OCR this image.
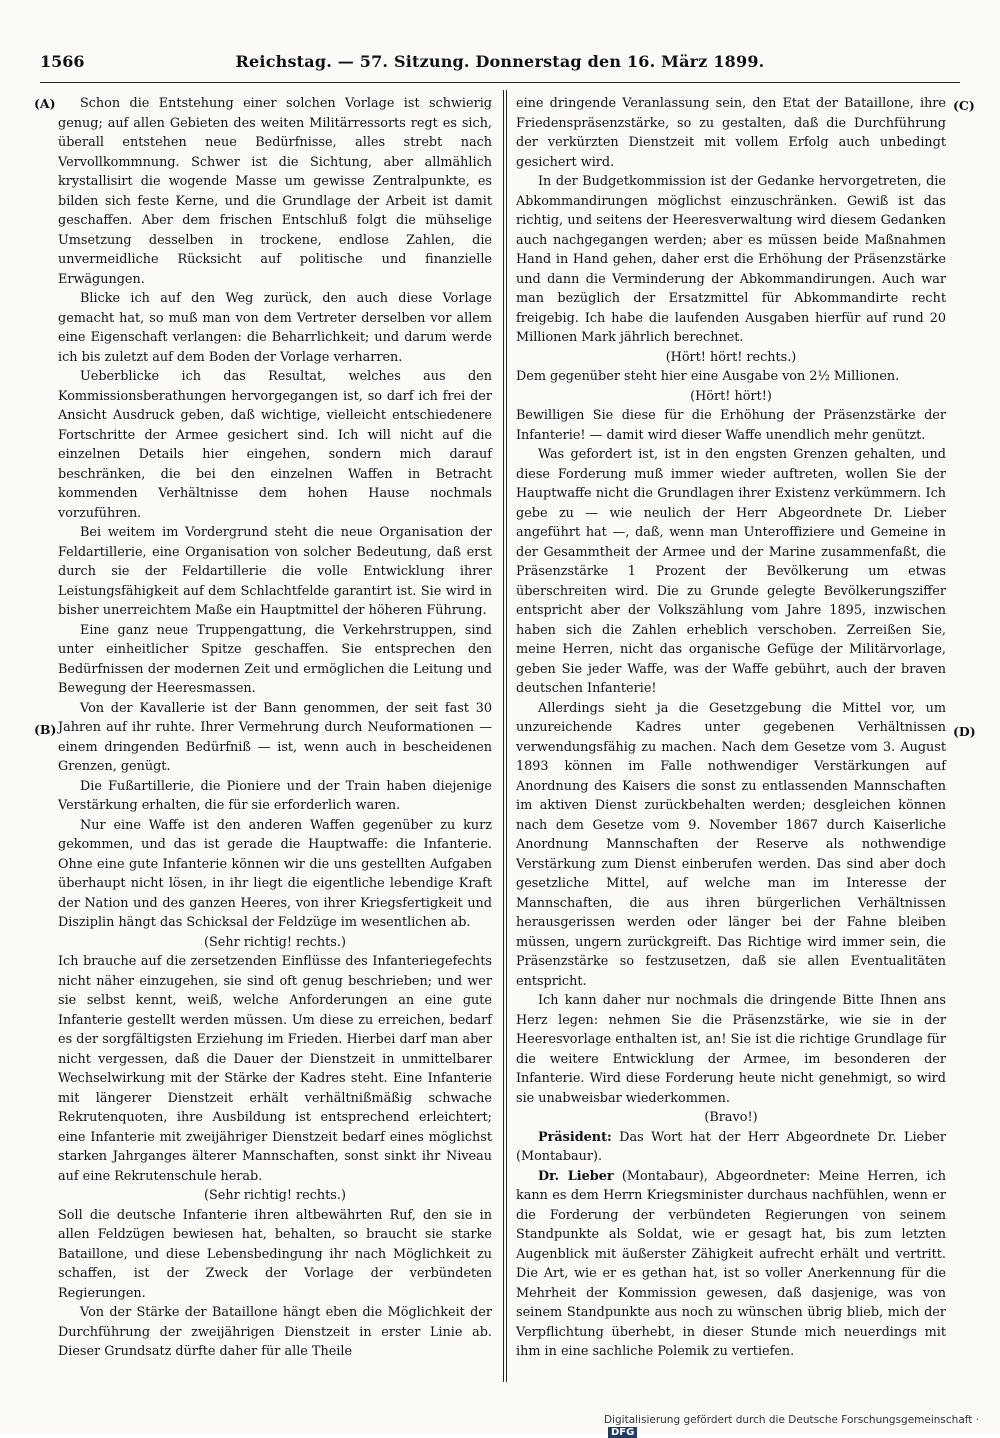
1566	Reichstag. — 57. Sitzung. Donnerstag den 16. März 1899.
(A)
(B)
(C)
(D)

Schon die Entstehung einer solchen Vorlage ist schwierig genug; auf allen Gebieten des weiten Militärressorts regt es sich, überall entstehen neue Bedürfnisse, alles strebt nach Vervollkommnung. Schwer ist die Sichtung, aber allmählich krystallisirt die wogende Masse um gewisse Zentralpunkte, es bilden sich feste Kerne, und die Grundlage der Arbeit ist damit geschaffen. Aber dem frischen Entschluß folgt die mühselige Umsetzung desselben in trockene, endlose Zahlen, die unvermeidliche Rücksicht auf politische und finanzielle Erwägungen.

Blicke ich auf den Weg zurück, den auch diese Vorlage gemacht hat, so muß man von dem Vertreter derselben vor allem eine Eigenschaft verlangen: die Beharrlichkeit; und darum werde ich bis zuletzt auf dem Boden der Vorlage verharren.

Ueberblicke ich das Resultat, welches aus den Kommissionsberathungen hervorgegangen ist, so darf ich frei der Ansicht Ausdruck geben, daß wichtige, vielleicht entschiedenere Fortschritte der Armee gesichert sind. Ich will nicht auf die einzelnen Details hier eingehen, sondern mich darauf beschränken, die bei den einzelnen Waffen in Betracht kommenden Verhältnisse dem hohen Hause nochmals vorzuführen.

Bei weitem im Vordergrund steht die neue Organisation der Feldartillerie, eine Organisation von solcher Bedeutung, daß erst durch sie der Feldartillerie die volle Entwicklung ihrer Leistungsfähigkeit auf dem Schlachtfelde garantirt ist. Sie wird in bisher unerreichtem Maße ein Hauptmittel der höheren Führung.

Eine ganz neue Truppengattung, die Verkehrstruppen, sind unter einheitlicher Spitze geschaffen. Sie entsprechen den Bedürfnissen der modernen Zeit und ermöglichen die Leitung und Bewegung der Heeresmassen.

Von der Kavallerie ist der Bann genommen, der seit fast 30 Jahren auf ihr ruhte. Ihrer Vermehrung durch Neuformationen — einem dringenden Bedürfniß — ist, wenn auch in bescheidenen Grenzen, genügt.

Die Fußartillerie, die Pioniere und der Train haben diejenige Verstärkung erhalten, die für sie erforderlich waren.

Nur eine Waffe ist den anderen Waffen gegenüber zu kurz gekommen, und das ist gerade die Hauptwaffe: die Infanterie. Ohne eine gute Infanterie können wir die uns gestellten Aufgaben überhaupt nicht lösen, in ihr liegt die eigentliche lebendige Kraft der Nation und des ganzen Heeres, von ihrer Kriegsfertigkeit und Disziplin hängt das Schicksal der Feldzüge im wesentlichen ab.

(Sehr richtig! rechts.)

Ich brauche auf die zersetzenden Einflüsse des Infanteriegefechts nicht näher einzugehen, sie sind oft genug beschrieben; und wer sie selbst kennt, weiß, welche Anforderungen an eine gute Infanterie gestellt werden müssen. Um diese zu erreichen, bedarf es der sorgfältigsten Erziehung im Frieden. Hierbei darf man aber nicht vergessen, daß die Dauer der Dienstzeit in unmittelbarer Wechselwirkung mit der Stärke der Kadres steht. Eine Infanterie mit längerer Dienstzeit erhält verhältnißmäßig schwache Rekrutenquoten, ihre Ausbildung ist entsprechend erleichtert; eine Infanterie mit zweijähriger Dienstzeit bedarf eines möglichst starken Jahrganges älterer Mannschaften, sonst sinkt ihr Niveau auf eine Rekrutenschule herab.

(Sehr richtig! rechts.)

Soll die deutsche Infanterie ihren altbewährten Ruf, den sie in allen Feldzügen bewiesen hat, behalten, so braucht sie starke Bataillone, und diese Lebensbedingung ihr nach Möglichkeit zu schaffen, ist der Zweck der Vorlage der verbündeten Regierungen.

Von der Stärke der Bataillone hängt eben die Möglichkeit der Durchführung der zweijährigen Dienstzeit in erster Linie ab. Dieser Grundsatz dürfte daher für alle Theile

eine dringende Veranlassung sein, den Etat der Bataillone, ihre Friedenspräsenzstärke, so zu gestalten, daß die Durchführung der verkürzten Dienstzeit mit vollem Erfolg auch unbedingt gesichert wird.

In der Budgetkommission ist der Gedanke hervorgetreten, die Abkommandirungen möglichst einzuschränken. Gewiß ist das richtig, und seitens der Heeresverwaltung wird diesem Gedanken auch nachgegangen werden; aber es müssen beide Maßnahmen Hand in Hand gehen, daher erst die Erhöhung der Präsenzstärke und dann die Verminderung der Abkommandirungen. Auch war man bezüglich der Ersatzmittel für Abkommandirte recht freigebig. Ich habe die laufenden Ausgaben hierfür auf rund 20 Millionen Mark jährlich berechnet.

(Hört! hört! rechts.)

Dem gegenüber steht hier eine Ausgabe von 2½ Millionen.

(Hört! hört!)

Bewilligen Sie diese für die Erhöhung der Präsenzstärke der Infanterie! — damit wird dieser Waffe unendlich mehr genützt.

Was gefordert ist, ist in den engsten Grenzen gehalten, und diese Forderung muß immer wieder auftreten, wollen Sie der Hauptwaffe nicht die Grundlagen ihrer Existenz verkümmern. Ich gebe zu — wie neulich der Herr Abgeordnete Dr. Lieber angeführt hat —, daß, wenn man Unteroffiziere und Gemeine in der Gesammtheit der Armee und der Marine zusammenfaßt, die Präsenzstärke 1 Prozent der Bevölkerung um etwas überschreiten wird. Die zu Grunde gelegte Bevölkerungsziffer entspricht aber der Volkszählung vom Jahre 1895, inzwischen haben sich die Zahlen erheblich verschoben. Zerreißen Sie, meine Herren, nicht das organische Gefüge der Militärvorlage, geben Sie jeder Waffe, was der Waffe gebührt, auch der braven deutschen Infanterie!

Allerdings sieht ja die Gesetzgebung die Mittel vor, um unzureichende Kadres unter gegebenen Verhältnissen verwendungsfähig zu machen. Nach dem Gesetze vom 3. August 1893 können im Falle nothwendiger Verstärkungen auf Anordnung des Kaisers die sonst zu entlassenden Mannschaften im aktiven Dienst zurückbehalten werden; desgleichen können nach dem Gesetze vom 9. November 1867 durch Kaiserliche Anordnung Mannschaften der Reserve als nothwendige Verstärkung zum Dienst einberufen werden. Das sind aber doch gesetzliche Mittel, auf welche man im Interesse der Mannschaften, die aus ihren bürgerlichen Verhältnissen herausgerissen werden oder länger bei der Fahne bleiben müssen, ungern zurückgreift. Das Richtige wird immer sein, die Präsenzstärke so festzusetzen, daß sie allen Eventualitäten entspricht.

Ich kann daher nur nochmals die dringende Bitte Ihnen ans Herz legen: nehmen Sie die Präsenzstärke, wie sie in der Heeresvorlage enthalten ist, an! Sie ist die richtige Grundlage für die weitere Entwicklung der Armee, im besonderen der Infanterie. Wird diese Forderung heute nicht genehmigt, so wird sie unabweisbar wiederkommen.

(Bravo!)

Präsident: Das Wort hat der Herr Abgeordnete Dr. Lieber (Montabaur).

Dr. Lieber (Montabaur), Abgeordneter: Meine Herren, ich kann es dem Herrn Kriegsminister durchaus nachfühlen, wenn er die Forderung der verbündeten Regierungen von seinem Standpunkte als Soldat, wie er gesagt hat, bis zum letzten Augenblick mit äußerster Zähigkeit aufrecht erhält und vertritt. Die Art, wie er es gethan hat, ist so voller Anerkennung für die Mehrheit der Kommission gewesen, daß dasjenige, was von seinem Standpunkte aus noch zu wünschen übrig blieb, mich der Verpflichtung überhebt, in dieser Stunde mich neuerdings mit ihm in eine sachliche Polemik zu vertiefen.

Digitalisierung gefördert durch die Deutsche Forschungsgemeinschaft · DFG
